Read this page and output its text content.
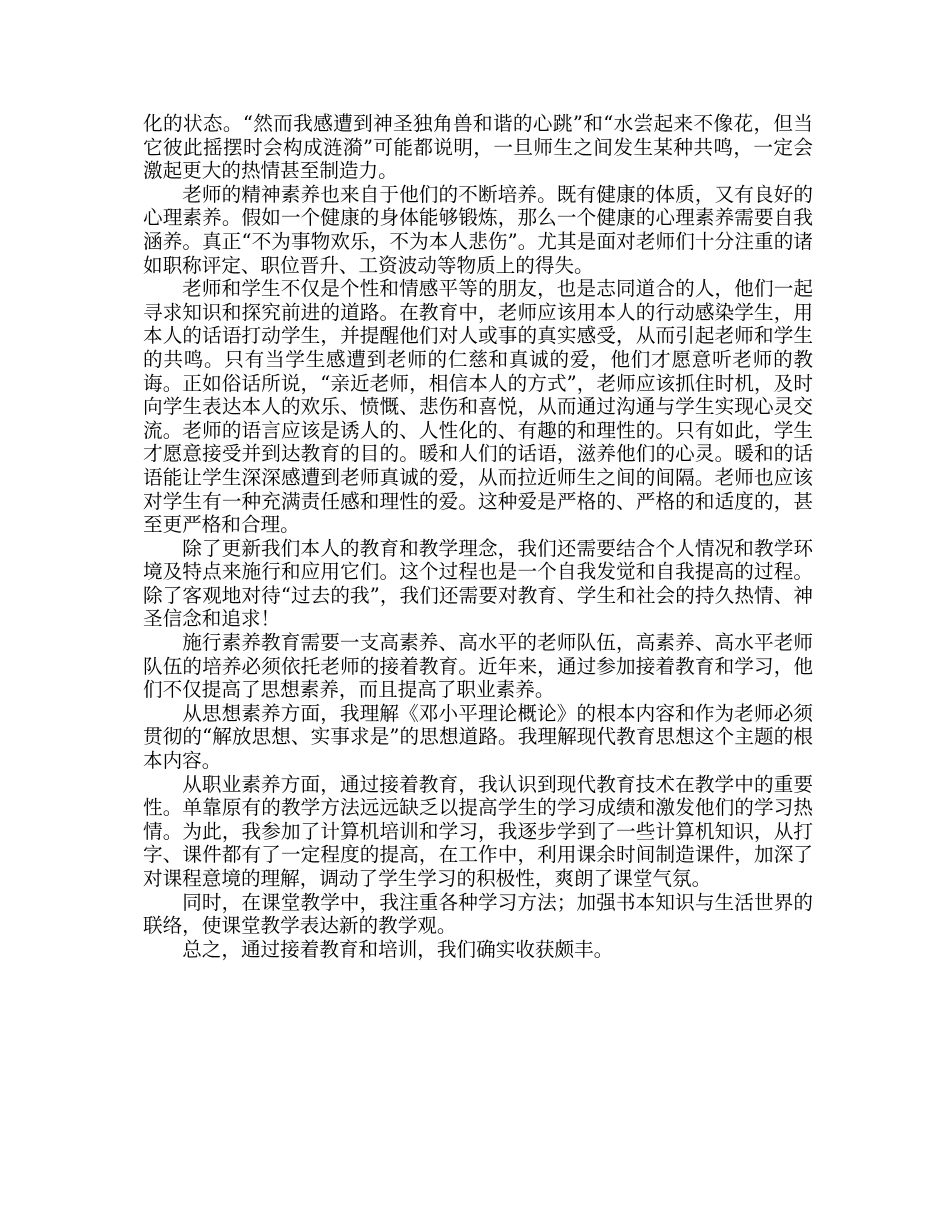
化的状态。“然而我感遭到神圣独角兽和谐的心跳”和“水尝起来不像花，但当它彼此摇摆时会构成涟漪”可能都说明，一旦师生之间发生某种共鸣，一定会激起更大的热情甚至制造力。

老师的精神素养也来自于他们的不断培养。既有健康的体质，又有良好的心理素养。假如一个健康的身体能够锻炼，那么一个健康的心理素养需要自我涵养。真正“不为事物欢乐，不为本人悲伤”。尤其是面对老师们十分注重的诸如职称评定、职位晋升、工资波动等物质上的得失。

老师和学生不仅是个性和情感平等的朋友，也是志同道合的人，他们一起寻求知识和探究前进的道路。在教育中，老师应该用本人的行动感染学生，用本人的话语打动学生，并提醒他们对人或事的真实感受，从而引起老师和学生的共鸣。只有当学生感遭到老师的仁慈和真诚的爱，他们才愿意听老师的教诲。正如俗话所说，“亲近老师，相信本人的方式”，老师应该抓住时机，及时向学生表达本人的欢乐、愤慨、悲伤和喜悦，从而通过沟通与学生实现心灵交流。老师的语言应该是诱人的、人性化的、有趣的和理性的。只有如此，学生才愿意接受并到达教育的目的。暖和人们的话语，滋养他们的心灵。暖和的话语能让学生深深感遭到老师真诚的爱，从而拉近师生之间的间隔。老师也应该对学生有一种充满责任感和理性的爱。这种爱是严格的、严格的和适度的，甚至更严格和合理。

除了更新我们本人的教育和教学理念，我们还需要结合个人情况和教学环境及特点来施行和应用它们。这个过程也是一个自我发觉和自我提高的过程。除了客观地对待“过去的我”，我们还需要对教育、学生和社会的持久热情、神圣信念和追求！

施行素养教育需要一支高素养、高水平的老师队伍，高素养、高水平老师队伍的培养必须依托老师的接着教育。近年来，通过参加接着教育和学习，他们不仅提高了思想素养，而且提高了职业素养。

从思想素养方面，我理解《邓小平理论概论》的根本内容和作为老师必须贯彻的“解放思想、实事求是”的思想道路。我理解现代教育思想这个主题的根本内容。

从职业素养方面，通过接着教育，我认识到现代教育技术在教学中的重要性。单靠原有的教学方法远远缺乏以提高学生的学习成绩和激发他们的学习热情。为此，我参加了计算机培训和学习，我逐步学到了一些计算机知识，从打字、课件都有了一定程度的提高，在工作中，利用课余时间制造课件，加深了对课程意境的理解，调动了学生学习的积极性，爽朗了课堂气氛。

同时，在课堂教学中，我注重各种学习方法；加强书本知识与生活世界的联络，使课堂教学表达新的教学观。

总之，通过接着教育和培训，我们确实收获颇丰。
